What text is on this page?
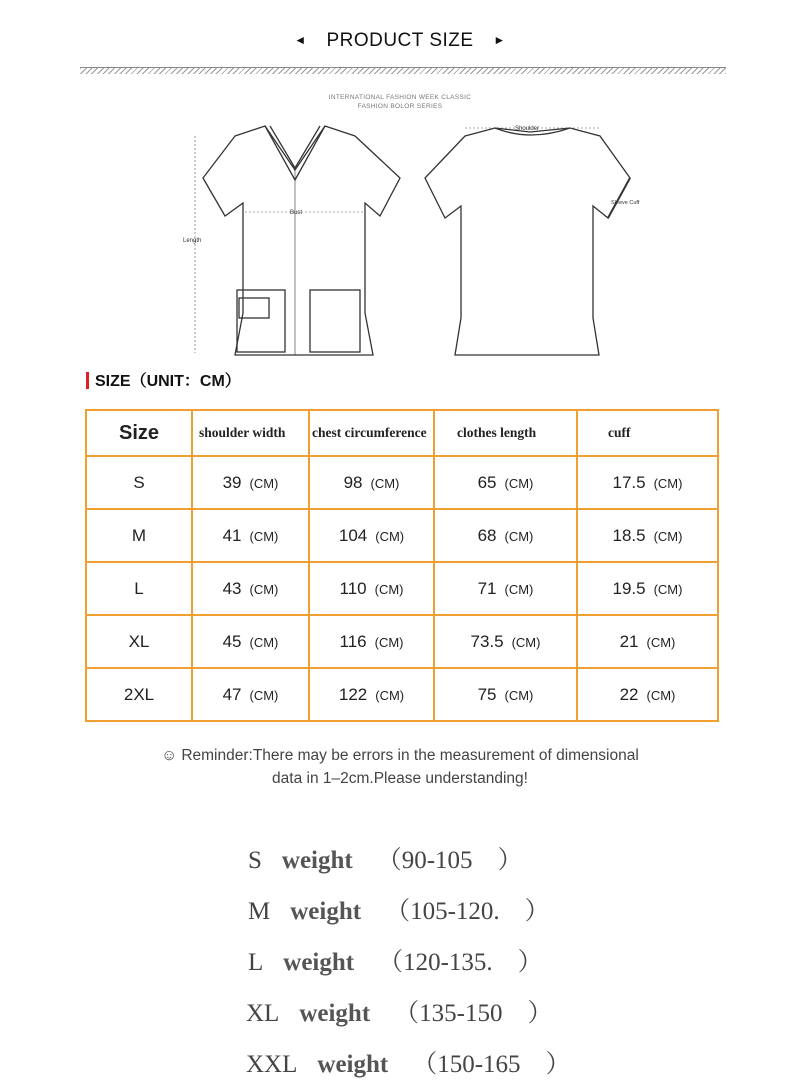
◄ PRODUCT SIZE ►
INTERNATIONAL FASHION WEEK CLASSIC
FASHION BOLOR SERIES
Bust
Length
Shoulder
Sleeve Cuff
SIZE（UNIT：CM）
Size	shoulder width	chest circumference	clothes length	cuff
S	39 (CM)	98 (CM)	65 (CM)	17.5 (CM)
M	41 (CM)	104 (CM)	68 (CM)	18.5 (CM)
L	43 (CM)	110 (CM)	71 (CM)	19.5 (CM)
XL	45 (CM)	116 (CM)	73.5 (CM)	21 (CM)
2XL	47 (CM)	122 (CM)	75 (CM)	22 (CM)
☺ Reminder:There may be errors in the measurement of dimensional
data in 1–2cm.Please understanding!
S weight （90-105　）
M weight （105-120.　）
L weight （120-135.　）
XL weight （135-150　）
XXL weight （150-165　）
